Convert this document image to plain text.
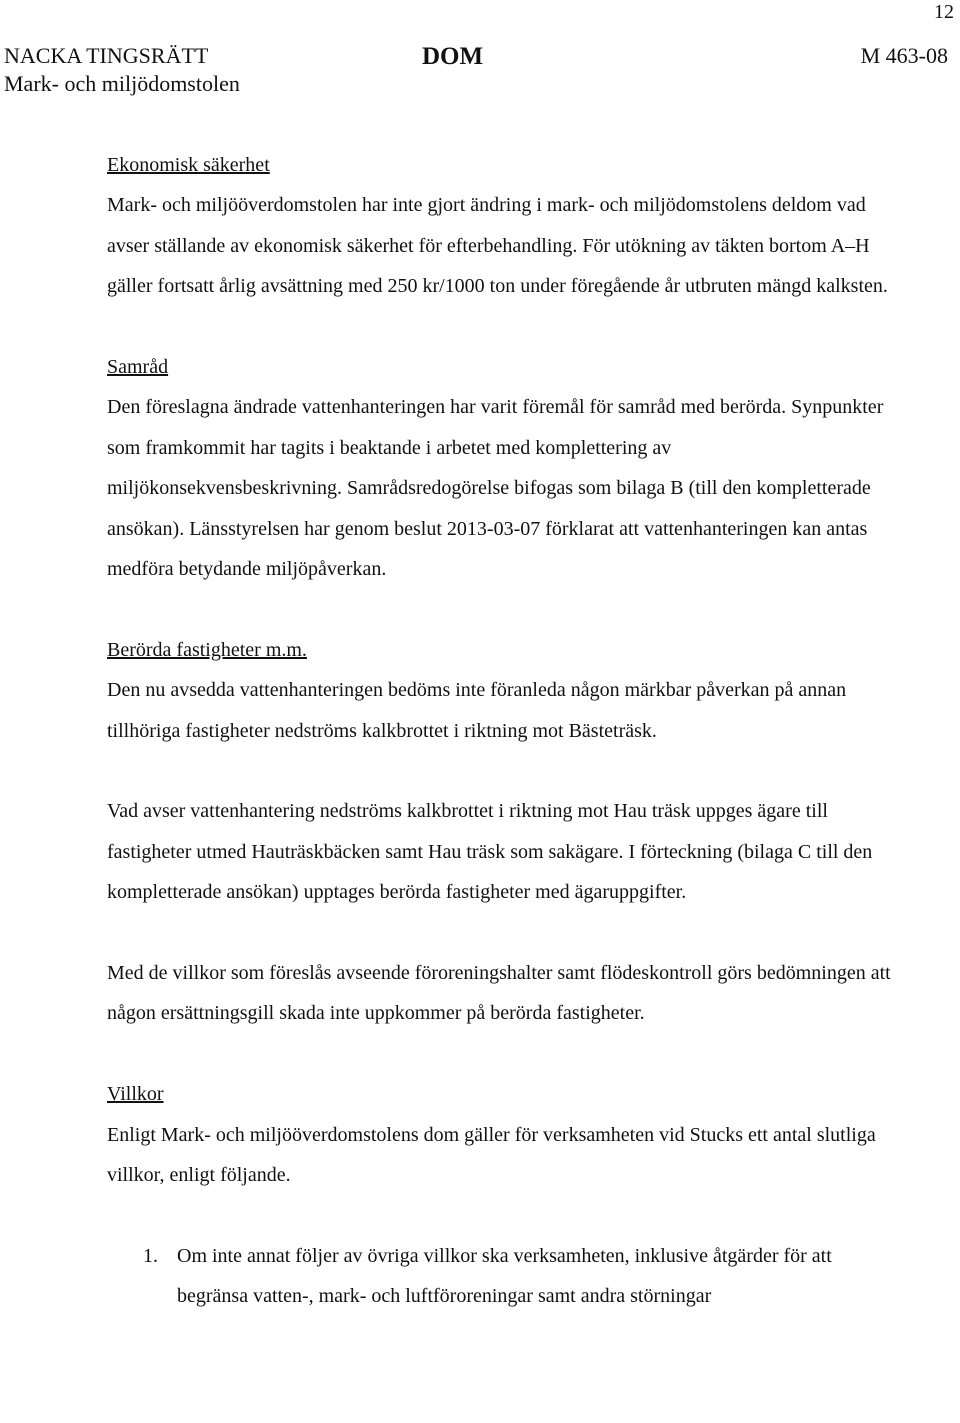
12
NACKA TINGSRÄTT
Mark- och miljödomstolen
DOM	M 463-08
Ekonomisk säkerhet

Mark- och miljööverdomstolen har inte gjort ändring i mark- och miljödomstolens deldom vad avser ställande av ekonomisk säkerhet för efterbehandling. För utökning av täkten bortom A–H gäller fortsatt årlig avsättning med 250 kr/1000 ton under föregående år utbruten mängd kalksten.

Samråd

Den föreslagna ändrade vattenhanteringen har varit föremål för samråd med berörda. Synpunkter som framkommit har tagits i beaktande i arbetet med komplettering av miljökonsekvensbeskrivning. Samrådsredogörelse bifogas som bilaga B (till den kompletterade ansökan). Länsstyrelsen har genom beslut 2013-03-07 förklarat att vattenhanteringen kan antas medföra betydande miljöpåverkan.

Berörda fastigheter m.m.

Den nu avsedda vattenhanteringen bedöms inte föranleda någon märkbar påverkan på annan tillhöriga fastigheter nedströms kalkbrottet i riktning mot Bästeträsk.

Vad avser vattenhantering nedströms kalkbrottet i riktning mot Hau träsk uppges ägare till fastigheter utmed Hauträskbäcken samt Hau träsk som sakägare. I förteckning (bilaga C till den kompletterade ansökan) upptages berörda fastigheter med ägaruppgifter.

Med de villkor som föreslås avseende föroreningshalter samt flödeskontroll görs bedömningen att någon ersättningsgill skada inte uppkommer på berörda fastigheter.

Villkor

Enligt Mark- och miljööverdomstolens dom gäller för verksamheten vid Stucks ett antal slutliga villkor, enligt följande.

1. Om inte annat följer av övriga villkor ska verksamheten, inklusive åtgärder för att begränsa vatten-, mark- och luftföroreningar samt andra störningar
